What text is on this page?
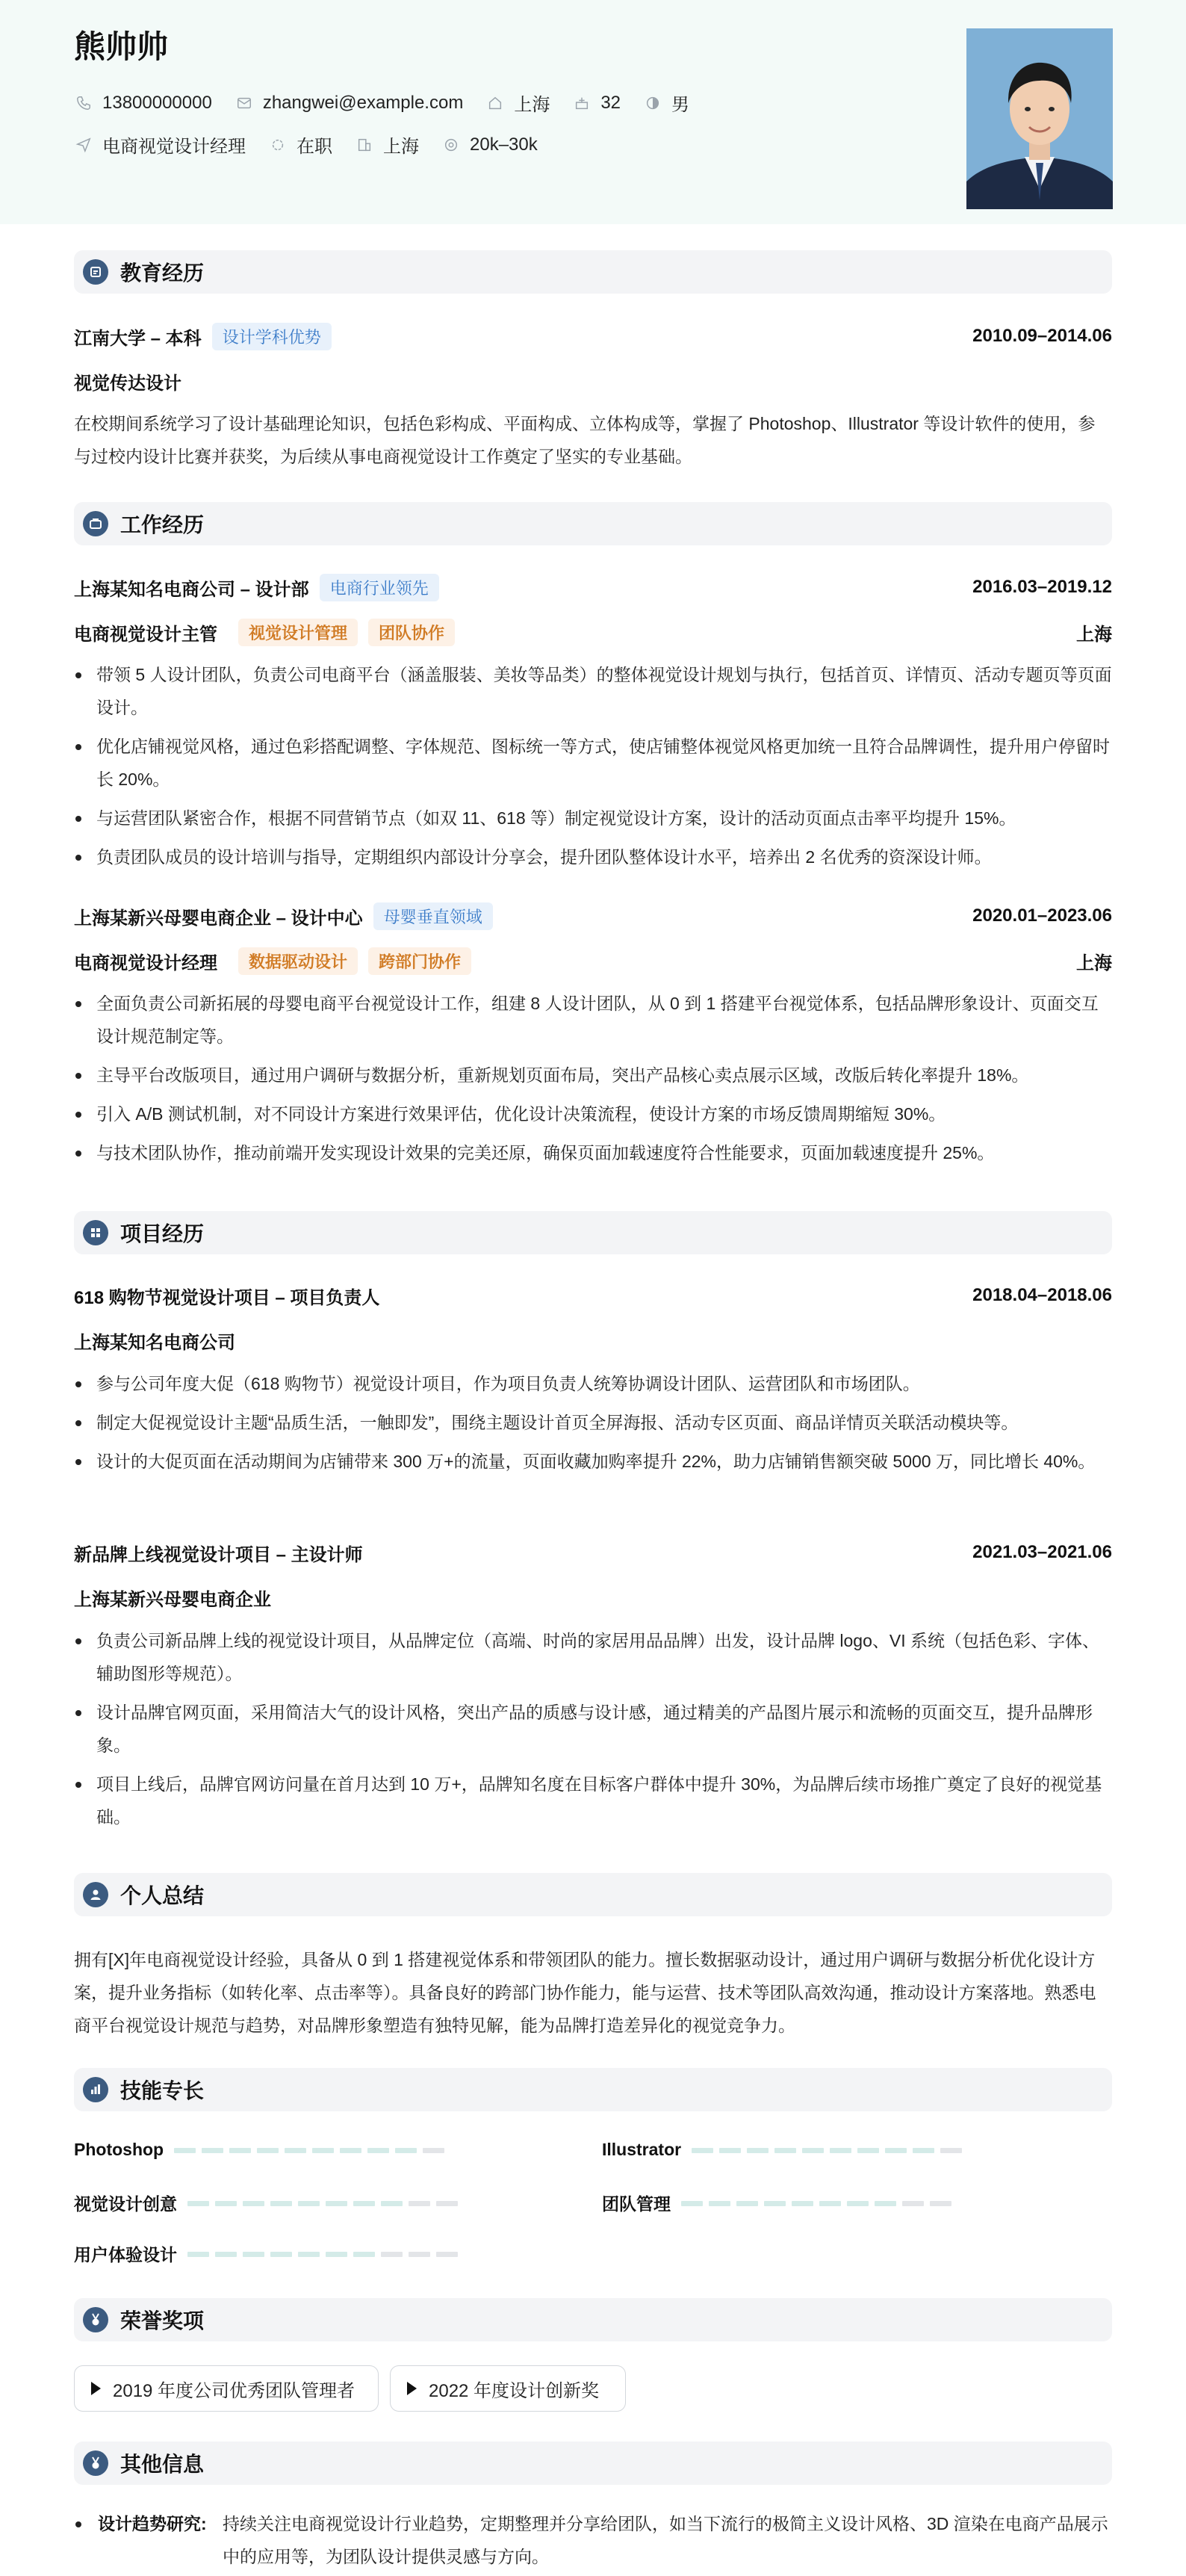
熊帅帅
13800000000	zhangwei@example.com	上海	32	男
电商视觉设计经理	在职	上海	20k–30k
教育经历
江南大学 – 本科	设计学科优势	2010.09–2014.06
视觉传达设计
在校期间系统学习了设计基础理论知识，包括色彩构成、平面构成、立体构成等，掌握了 Photoshop、Illustrator 等设计软件的使用，参与过校内设计比赛并获奖，为后续从事电商视觉设计工作奠定了坚实的专业基础。
工作经历
上海某知名电商公司 – 设计部	电商行业领先	2016.03–2019.12
电商视觉设计主管	视觉设计管理	团队协作	上海
带领 5 人设计团队，负责公司电商平台（涵盖服装、美妆等品类）的整体视觉设计规划与执行，包括首页、详情页、活动专题页等页面设计。
优化店铺视觉风格，通过色彩搭配调整、字体规范、图标统一等方式，使店铺整体视觉风格更加统一且符合品牌调性，提升用户停留时长 20%。
与运营团队紧密合作，根据不同营销节点（如双 11、618 等）制定视觉设计方案，设计的活动页面点击率平均提升 15%。
负责团队成员的设计培训与指导，定期组织内部设计分享会，提升团队整体设计水平，培养出 2 名优秀的资深设计师。
上海某新兴母婴电商企业 – 设计中心	母婴垂直领域	2020.01–2023.06
电商视觉设计经理	数据驱动设计	跨部门协作	上海
全面负责公司新拓展的母婴电商平台视觉设计工作，组建 8 人设计团队，从 0 到 1 搭建平台视觉体系，包括品牌形象设计、页面交互设计规范制定等。
主导平台改版项目，通过用户调研与数据分析，重新规划页面布局，突出产品核心卖点展示区域，改版后转化率提升 18%。
引入 A/B 测试机制，对不同设计方案进行效果评估，优化设计决策流程，使设计方案的市场反馈周期缩短 30%。
与技术团队协作，推动前端开发实现设计效果的完美还原，确保页面加载速度符合性能要求，页面加载速度提升 25%。
项目经历
618 购物节视觉设计项目 – 项目负责人	2018.04–2018.06
上海某知名电商公司
参与公司年度大促（618 购物节）视觉设计项目，作为项目负责人统筹协调设计团队、运营团队和市场团队。
制定大促视觉设计主题“品质生活，一触即发”，围绕主题设计首页全屏海报、活动专区页面、商品详情页关联活动模块等。
设计的大促页面在活动期间为店铺带来 300 万+的流量，页面收藏加购率提升 22%，助力店铺销售额突破 5000 万，同比增长 40%。
新品牌上线视觉设计项目 – 主设计师	2021.03–2021.06
上海某新兴母婴电商企业
负责公司新品牌上线的视觉设计项目，从品牌定位（高端、时尚的家居用品品牌）出发，设计品牌 logo、VI 系统（包括色彩、字体、辅助图形等规范）。
设计品牌官网页面，采用简洁大气的设计风格，突出产品的质感与设计感，通过精美的产品图片展示和流畅的页面交互，提升品牌形象。
项目上线后，品牌官网访问量在首月达到 10 万+，品牌知名度在目标客户群体中提升 30%，为品牌后续市场推广奠定了良好的视觉基础。
个人总结
拥有[X]年电商视觉设计经验，具备从 0 到 1 搭建视觉体系和带领团队的能力。擅长数据驱动设计，通过用户调研与数据分析优化设计方案，提升业务指标（如转化率、点击率等）。具备良好的跨部门协作能力，能与运营、技术等团队高效沟通，推动设计方案落地。熟悉电商平台视觉设计规范与趋势，对品牌形象塑造有独特见解，能为品牌打造差异化的视觉竞争力。
技能专长
Photoshop	Illustrator
视觉设计创意	团队管理
用户体验设计
荣誉奖项
2019 年度公司优秀团队管理者	2022 年度设计创新奖
其他信息
设计趋势研究: 持续关注电商视觉设计行业趋势，定期整理并分享给团队，如当下流行的极简主义设计风格、3D 渲染在电商产品展示中的应用等，为团队设计提供灵感与方向。
